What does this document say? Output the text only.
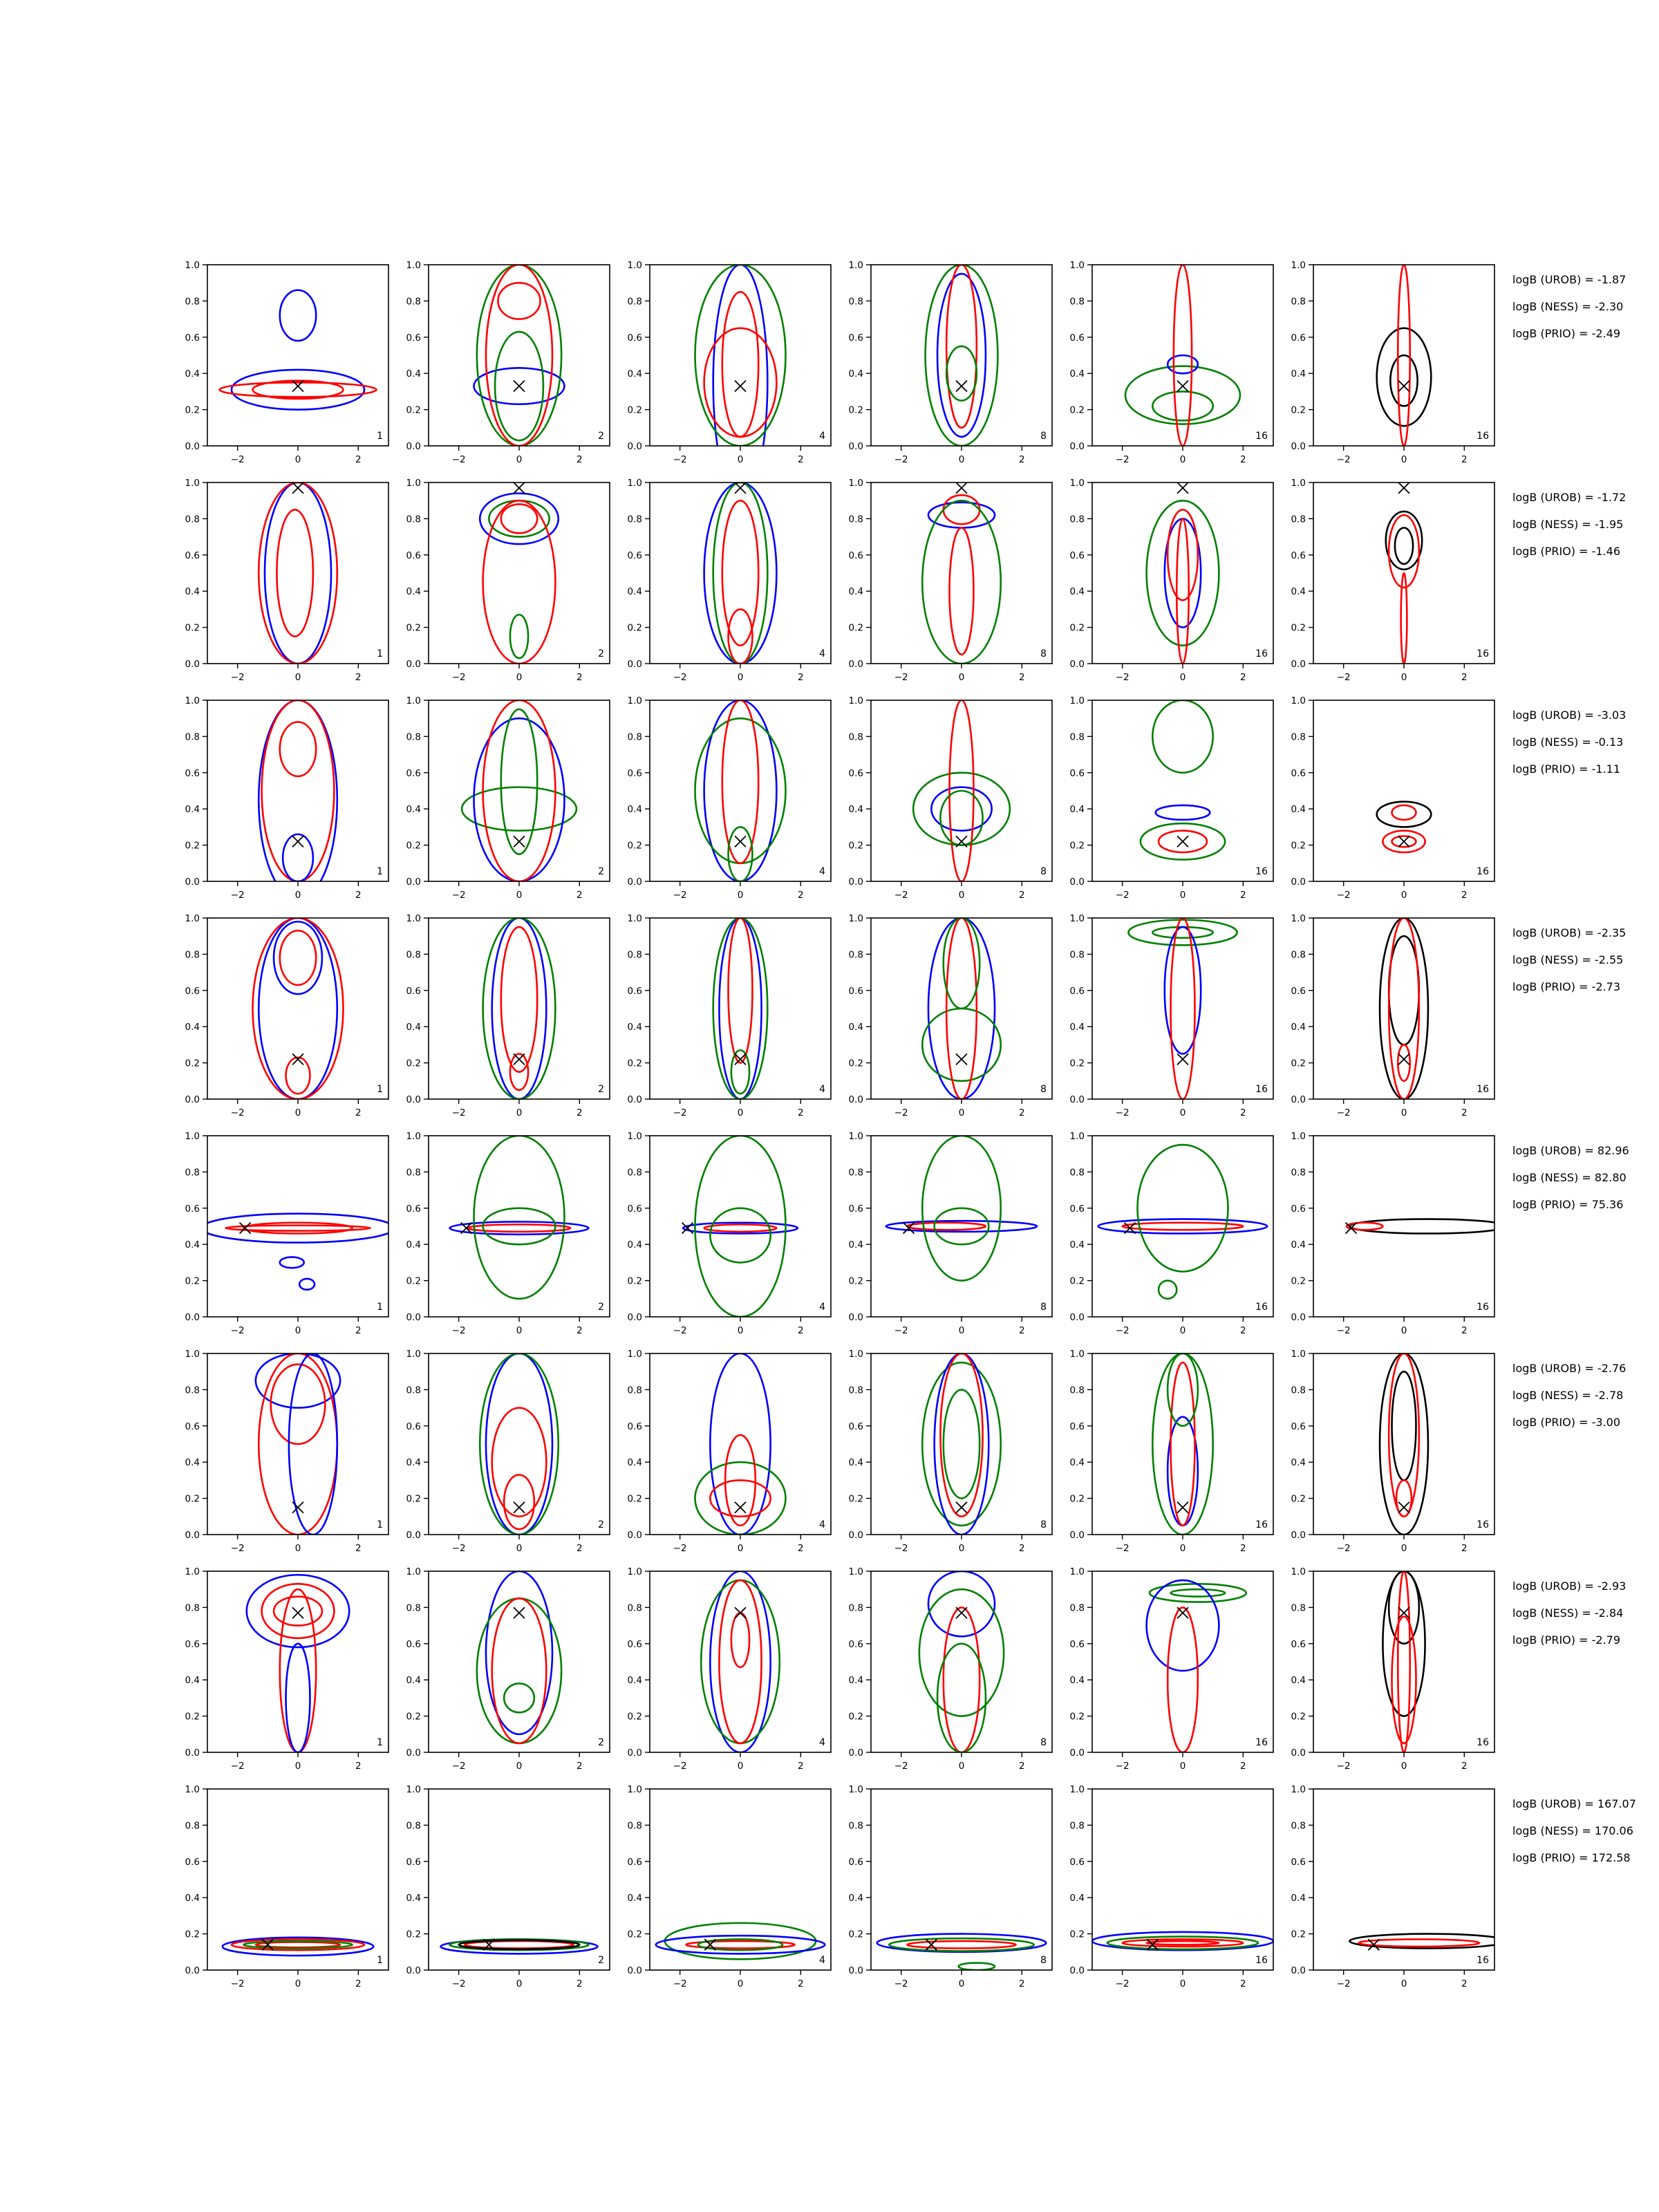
0.0
0.2
0.4
0.6
0.8
1.0
−2	0	2
1
0.0
0.2
0.4
0.6
0.8
1.0
−2	0	2
2
0.0
0.2
0.4
0.6
0.8
1.0
−2	0	2
4
0.0
0.2
0.4
0.6
0.8
1.0
−2	0	2
8
0.0
0.2
0.4
0.6
0.8
1.0
−2	0	2
16
0.0
0.2
0.4
0.6
0.8
1.0
−2	0	2
16
logB (UROB) = -1.87
logB (NESS) = -2.30
logB (PRIO) = -2.49
0.0
0.2
0.4
0.6
0.8
1.0
−2	0	2
1
0.0
0.2
0.4
0.6
0.8
1.0
−2	0	2
2
0.0
0.2
0.4
0.6
0.8
1.0
−2	0	2
4
0.0
0.2
0.4
0.6
0.8
1.0
−2	0	2
8
0.0
0.2
0.4
0.6
0.8
1.0
−2	0	2
16
0.0
0.2
0.4
0.6
0.8
1.0
−2	0	2
16
logB (UROB) = -1.72
logB (NESS) = -1.95
logB (PRIO) = -1.46
0.0
0.2
0.4
0.6
0.8
1.0
−2	0	2
1
0.0
0.2
0.4
0.6
0.8
1.0
−2	0	2
2
0.0
0.2
0.4
0.6
0.8
1.0
−2	0	2
4
0.0
0.2
0.4
0.6
0.8
1.0
−2	0	2
8
0.0
0.2
0.4
0.6
0.8
1.0
−2	0	2
16
0.0
0.2
0.4
0.6
0.8
1.0
−2	0	2
16
logB (UROB) = -3.03
logB (NESS) = -0.13
logB (PRIO) = -1.11
0.0
0.2
0.4
0.6
0.8
1.0
−2	0	2
1
0.0
0.2
0.4
0.6
0.8
1.0
−2	0	2
2
0.0
0.2
0.4
0.6
0.8
1.0
−2	0	2
4
0.0
0.2
0.4
0.6
0.8
1.0
−2	0	2
8
0.0
0.2
0.4
0.6
0.8
1.0
−2	0	2
16
0.0
0.2
0.4
0.6
0.8
1.0
−2	0	2
16
logB (UROB) = -2.35
logB (NESS) = -2.55
logB (PRIO) = -2.73
0.0
0.2
0.4
0.6
0.8
1.0
−2	0	2
1
0.0
0.2
0.4
0.6
0.8
1.0
−2	0	2
2
0.0
0.2
0.4
0.6
0.8
1.0
−2	0	2
4
0.0
0.2
0.4
0.6
0.8
1.0
−2	0	2
8
0.0
0.2
0.4
0.6
0.8
1.0
−2	0	2
16
0.0
0.2
0.4
0.6
0.8
1.0
−2	0	2
16
logB (UROB) = 82.96
logB (NESS) = 82.80
logB (PRIO) = 75.36
0.0
0.2
0.4
0.6
0.8
1.0
−2	0	2
1
0.0
0.2
0.4
0.6
0.8
1.0
−2	0	2
2
0.0
0.2
0.4
0.6
0.8
1.0
−2	0	2
4
0.0
0.2
0.4
0.6
0.8
1.0
−2	0	2
8
0.0
0.2
0.4
0.6
0.8
1.0
−2	0	2
16
0.0
0.2
0.4
0.6
0.8
1.0
−2	0	2
16
logB (UROB) = -2.76
logB (NESS) = -2.78
logB (PRIO) = -3.00
0.0
0.2
0.4
0.6
0.8
1.0
−2	0	2
1
0.0
0.2
0.4
0.6
0.8
1.0
−2	0	2
2
0.0
0.2
0.4
0.6
0.8
1.0
−2	0	2
4
0.0
0.2
0.4
0.6
0.8
1.0
−2	0	2
8
0.0
0.2
0.4
0.6
0.8
1.0
−2	0	2
16
0.0
0.2
0.4
0.6
0.8
1.0
−2	0	2
16
logB (UROB) = -2.93
logB (NESS) = -2.84
logB (PRIO) = -2.79
0.0
0.2
0.4
0.6
0.8
1.0
−2	0	2
1
0.0
0.2
0.4
0.6
0.8
1.0
−2	0	2
2
0.0
0.2
0.4
0.6
0.8
1.0
−2	0	2
4
0.0
0.2
0.4
0.6
0.8
1.0
−2	0	2
8
0.0
0.2
0.4
0.6
0.8
1.0
−2	0	2
16
0.0
0.2
0.4
0.6
0.8
1.0
−2	0	2
16
logB (UROB) = 167.07
logB (NESS) = 170.06
logB (PRIO) = 172.58
